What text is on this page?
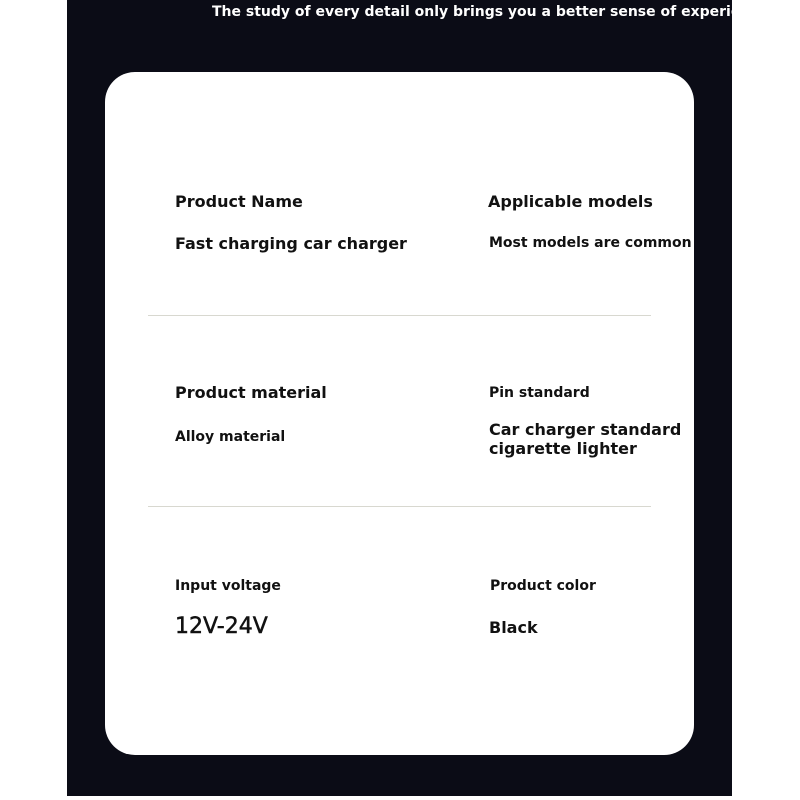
The study of every detail only brings you a better sense of experience.
Product Name
Fast charging car charger
Applicable models
Most models are common
Product material
Alloy material
Pin standard
Car charger standard cigarette lighter
Input voltage
12V-24V
Product color
Black
